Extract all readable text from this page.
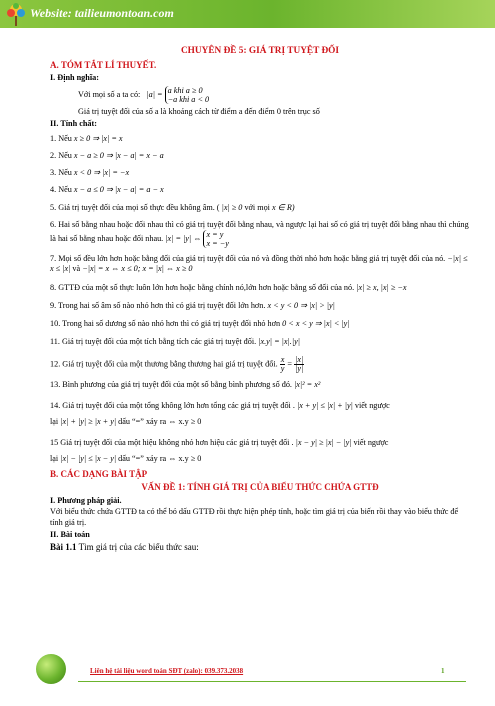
Website: tailieumontoan.com
CHUYÊN ĐỀ 5: GIÁ TRỊ TUYỆT ĐỐI
A. TÓM TẮT LÍ THUYẾT.
I. Định nghĩa:
Với mọi số a ta có: |a| = a khi a ≥ 0
−a khi a < 0
Giá trị tuyệt đối của số a là khoảng cách từ điểm a đến điểm 0 trên trục số
II. Tính chất:
1. Nếu x ≥ 0 ⇒ |x| = x
2. Nếu x − a ≥ 0 ⇒ |x − a| = x − a
3. Nếu x < 0 ⇒ |x| = −x
4. Nếu x − a ≤ 0 ⇒ |x − a| = a − x
5. Giá trị tuyệt đối của mọi số thực đều không âm. ( |x| ≥ 0 với mọi x ∈ R)
6. Hai số bằng nhau hoặc đối nhau thì có giá trị tuyệt đối bằng nhau, và ngược lại hai số có giá trị tuyệt đối bằng nhau thì chúng là hai số bằng nhau hoặc đối nhau. |x| = |y| ⇔ x = y
x = −y
7. Mọi số đều lớn hơn hoặc bằng đối của giá trị tuyệt đối của nó và đồng thời nhỏ hơn hoặc bằng giá trị tuyệt đối của nó. −|x| ≤ x ≤ |x| và −|x| = x ⇔ x ≤ 0; x = |x| ⇔ x ≥ 0
8. GTTĐ của một số thực luôn lớn hơn hoặc bằng chính nó,lớn hơn hoặc bằng số đối của nó. |x| ≥ x, |x| ≥ −x
9. Trong hai số âm số nào nhỏ hơn thì có giá trị tuyệt đối lớn hơn. x < y < 0 ⇒ |x| > |y|
10. Trong hai số dương số nào nhỏ hơn thì có giá trị tuyệt đối nhỏ hơn 0 < x < y ⇒ |x| < |y|
11. Giá trị tuyệt đối của một tích bằng tích các giá trị tuyệt đối. |x.y| = |x|.|y|
12. Giá trị tuyệt đối của một thương bằng thương hai giá trị tuyệt đối. $\frac{x}{y} = \frac{|x|}{|y|}$
13. Bình phương của giá trị tuyệt đối của một số bằng bình phương số đó. |x|² = x²
14. Giá trị tuyệt đối của một tổng không lớn hơn tổng các giá trị tuyệt đối . |x + y| ≤ |x| + |y| viết ngược
lại |x| + |y| ≥ |x + y| dấu “=” xảy ra ⇔ x.y ≥ 0
15 Giá trị tuyệt đối của một hiệu không nhỏ hơn hiệu các giá trị tuyệt đối . |x − y| ≥ |x| − |y| viết ngược
lại |x| − |y| ≤ |x − y| dấu “=” xảy ra ⇔ x.y ≥ 0
B. CÁC DẠNG BÀI TẬP
VẤN ĐỀ 1: TÍNH GIÁ TRỊ CỦA BIỂU THỨC CHỨA GTTĐ
I. Phương pháp giải.
Với biểu thức chứa GTTĐ ta có thể bỏ dấu GTTĐ rồi thực hiện phép tính, hoặc tìm giá trị của biến rồi thay vào biểu thức để tính giá trị.
II. Bài toán
Bài 1.1 Tìm giá trị của các biểu thức sau:
Liên hệ tài liệu word toán SĐT (zalo): 039.373.2038	1
